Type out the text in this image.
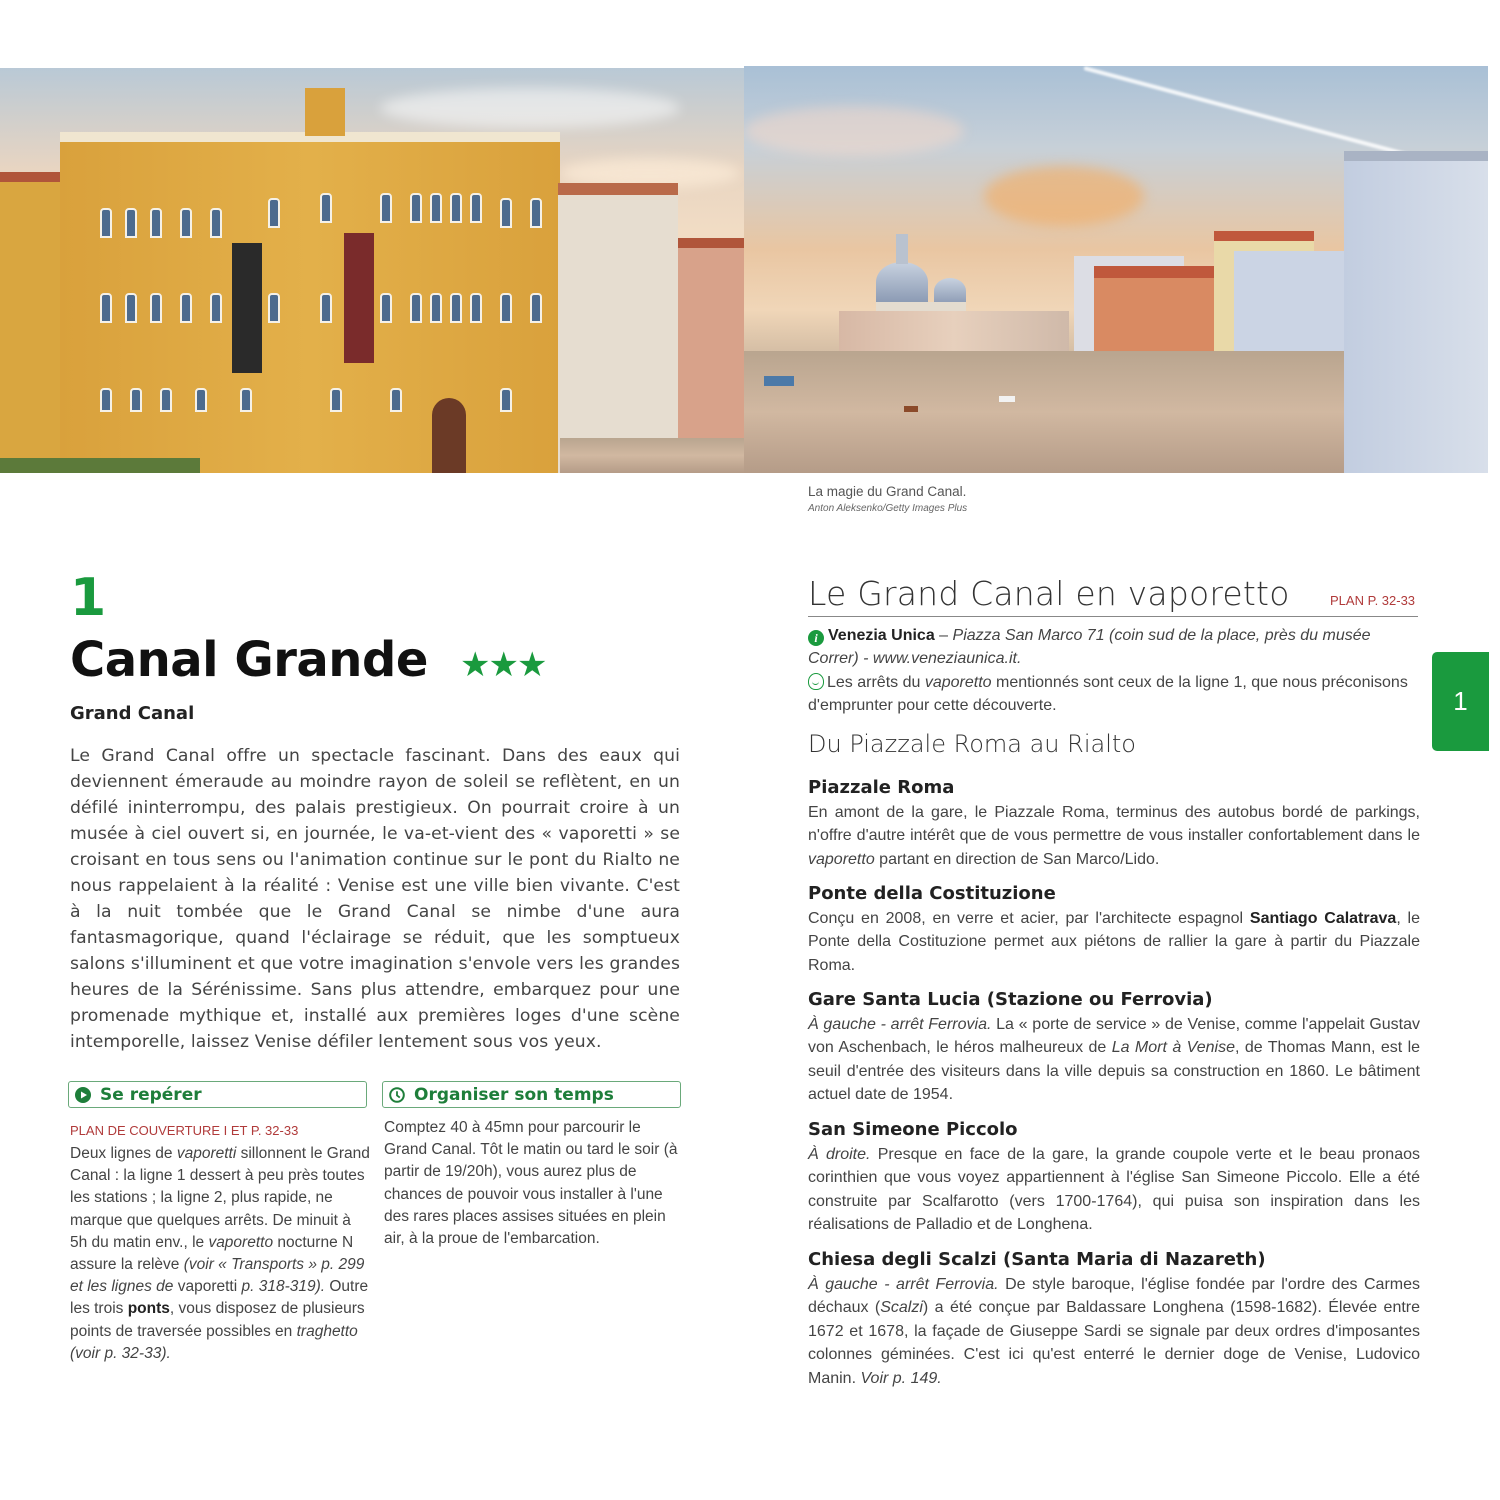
La magie du Grand Canal.
Anton Aleksenko/Getty Images Plus
1
Canal Grande ★★★
Grand Canal
Le Grand Canal offre un spectacle fascinant. Dans des eaux qui deviennent émeraude au moindre rayon de soleil se reflètent, en un défilé ininterrompu, des palais prestigieux. On pourrait croire à un musée à ciel ouvert si, en journée, le va-et-vient des « vaporetti » se croisant en tous sens ou l'animation continue sur le pont du Rialto ne nous rappelaient à la réalité : Venise est une ville bien vivante. C'est à la nuit tombée que le Grand Canal se nimbe d'une aura fantasmagorique, quand l'éclairage se réduit, que les somptueux salons s'illuminent et que votre imagination s'envole vers les grandes heures de la Sérénissime. Sans plus attendre, embarquez pour une promenade mythique et, installé aux premières loges d'une scène intemporelle, laissez Venise défiler lentement sous vos yeux.
Se repérer
PLAN DE COUVERTURE I ET P. 32-33
Deux lignes de vaporetti sillonnent le Grand Canal : la ligne 1 dessert à peu près toutes les stations ; la ligne 2, plus rapide, ne marque que quelques arrêts. De minuit à 5h du matin env., le vaporetto nocturne N assure la relève (voir « Transports » p. 299 et les lignes de vaporetti p. 318-319). Outre les trois ponts, vous disposez de plusieurs points de traversée possibles en traghetto (voir p. 32-33).
Organiser son temps
Comptez 40 à 45mn pour parcourir le Grand Canal. Tôt le matin ou tard le soir (à partir de 19/20h), vous aurez plus de chances de pouvoir vous installer à l'une des rares places assises situées en plein air, à la proue de l'embarcation.
Le Grand Canal en vaporetto	PLAN P. 32-33
i Venezia Unica – Piazza San Marco 71 (coin sud de la place, près du musée Correr) - www.veneziaunica.it.
Les arrêts du vaporetto mentionnés sont ceux de la ligne 1, que nous préconisons d'emprunter pour cette découverte.
Du Piazzale Roma au Rialto
Piazzale Roma

En amont de la gare, le Piazzale Roma, terminus des autobus bordé de parkings, n'offre d'autre intérêt que de vous permettre de vous installer confortablement dans le vaporetto partant en direction de San Marco/Lido.

Ponte della Costituzione

Conçu en 2008, en verre et acier, par l'architecte espagnol Santiago Calatrava, le Ponte della Costituzione permet aux piétons de rallier la gare à partir du Piazzale Roma.

Gare Santa Lucia (Stazione ou Ferrovia)

À gauche - arrêt Ferrovia. La « porte de service » de Venise, comme l'appelait Gustav von Aschenbach, le héros malheureux de La Mort à Venise, de Thomas Mann, est le seuil d'entrée des visiteurs dans la ville depuis sa construction en 1860. Le bâtiment actuel date de 1954.

San Simeone Piccolo

À droite. Presque en face de la gare, la grande coupole verte et le beau pronaos corinthien que vous voyez appartiennent à l'église San Simeone Piccolo. Elle a été construite par Scalfarotto (vers 1700-1764), qui puisa son inspiration dans les réalisations de Palladio et de Longhena.

Chiesa degli Scalzi (Santa Maria di Nazareth)

À gauche - arrêt Ferrovia. De style baroque, l'église fondée par l'ordre des Carmes déchaux (Scalzi) a été conçue par Baldassare Longhena (1598-1682). Élevée entre 1672 et 1678, la façade de Giuseppe Sardi se signale par deux ordres d'imposantes colonnes géminées. C'est ici qu'est enterré le dernier doge de Venise, Ludovico Manin. Voir p. 149.

1
